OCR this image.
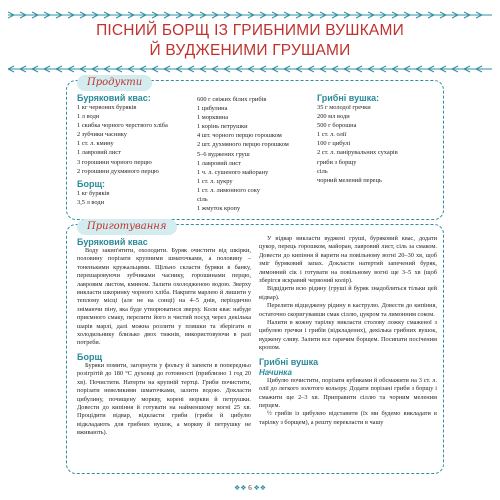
ПІСНИЙ БОРЩ ІЗ ГРИБНИМИ ВУШКАМИ
Й ВУДЖЕНИМИ ГРУШАМИ
Продукти
Буряковий квас:
1 кг червоних буряків
1 л води
1 скибка чорного черствого хліба
2 зубчики часнику
1 ст. л. кмину
1 лавровий лист
3 горошини чорного перцю
2 горошини духмяного перцю
Борщ:
1 кг буряків
3,5 л води
600 г свіжих білих грибів
1 цибулина
1 морквина
1 корінь петрушки
4 шт. чорного перцю горошком
2 шт. духмяного перцю горошком
5–6 вуджених груш
1 лавровий лист
1 ч. л. сушеного майорану
1 ст. л. цукру
1 ст. л. лимонного соку
сіль
1 жмуток кропу
Грибні вушка:
35 г молодої гречки
200 мл води
500 г борошна
1 ст. л. олії
100 г цибулі
2 ст. л. панірувальних сухарів
гриби з борщу
сіль
чорний мелений перець
Приготування
Буряковий квас

Воду закип'ятити, охолодити. Буряк очистити від шкірки, половину порізати крупними шматочками, а половину – тоненькими кружальцями. Щільно скласти буряки в банку, перешаровуючи зубчиками часнику, горошинами перцю, лавровим листом, кмином. Залити охолодженою водою. Зверху викласти шкоринку чорного хліба. Накрити марлею й лишити у теплому місці (але не на сонці) на 4–5 днів, періодично знімаючи піну, яка буде утворюватися зверху. Коли квас набуде приємного смаку, перелити його в чистий посуд через декілька шарів марлі, далі можна розлити у пляшки та зберігати в холодильнику близько двох тижнів, використовуючи в разі потреби.

Борщ

Буряки помити, загорнути у фольгу й запекти в попередньо розігрітій до 180 °С духовці до готовності (приблизно 1 год 20 хв). Почистити. Натерти на крупній тертці. Гриби почистити, порізати невеликими шматочками, залити водою. Докласти цибулину, почищену моркву, корені моркви й петрушки. Довести до кипіння й готувати на найменшому вогні 25 хв. Процідити відвар, відкласти гриби (гриби й цибулю відкладають для грибних вушок, а моркву й петрушку не вживають).

У відвар викласти вуджені груші, буряковий квас, додати цукор, перець горошком, майоран, лавровий лист, сіль за смаком. Довести до кипіння й варити на повільному вогні 20–30 хв, щоб зміг буряковий запах. Докласти натертий запечений буряк, лимонний сік і готувати на повільному вогні ще 3–5 хв (щоб зберігся яскравий червоний колір).

Відцідити всю рідину (груші й буряк знадобляться тільки цей відвар).

Перелити відцеджену рідину в каструлю. Довести до кипіння, остаточно скоригувавши смак сіллю, цукром та лимонним соком.

Налити в кожну тарілку викласти столову ложку смаженої з цибулею гречки і грибів (відкладених), декілька грибних вушок, вуджену сливу. Залити все гарячим борщем. Посипати посіченим кропом.

Грибні вушка
Начинка

Цибулю почистити, порізати кубиками й обсмажити на 3 ст. л. олії до легкого золотого кольору. Додати порізані гриби з борщу і смажити ще 2–3 хв. Приправити сіллю та чорним меленим перцем.

½ грибів із цибулею відставити (їх ми будемо викладати в тарілку з борщем), а решту перекласти в чашу

❖❖ 6 ❖❖
